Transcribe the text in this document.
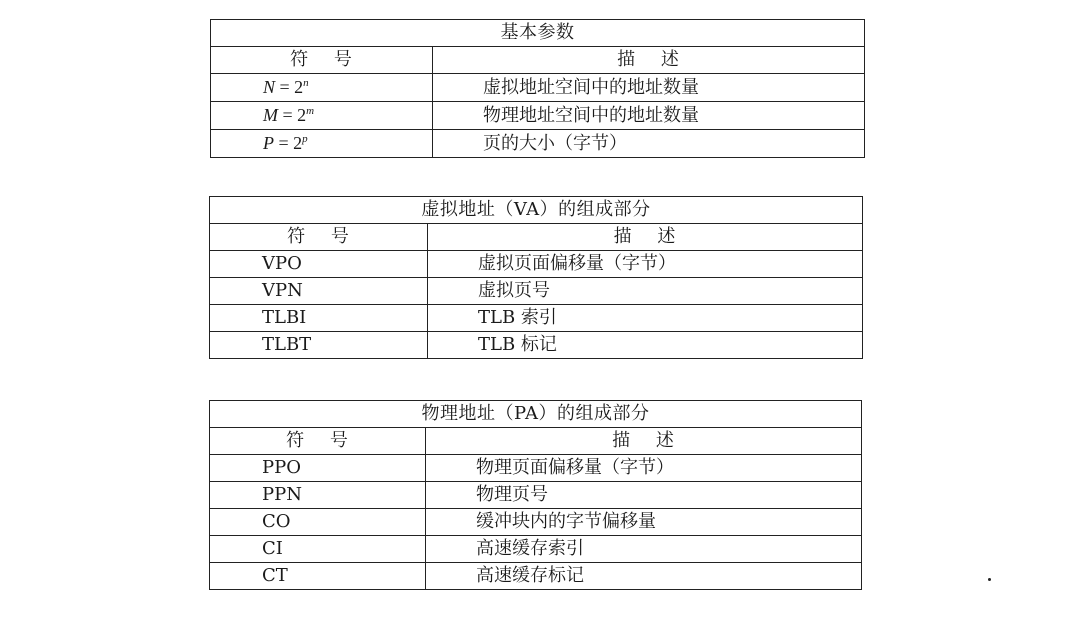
基本参数	
符 号	描 述
$N = 2^n$	虚拟地址空间中的地址数量
$M = 2^m$	物理地址空间中的地址数量
$P = 2^p$	页的大小（字节）
虚拟地址（VA）的组成部分	
符 号	描 述
VPO	虚拟页面偏移量（字节）
VPN	虚拟页号
TLBI	TLB 索引
TLBT	TLB 标记
物理地址（PA）的组成部分	
符 号	描 述
PPO	物理页面偏移量（字节）
PPN	物理页号
CO	缓冲块内的字节偏移量
CI	高速缓存索引
CT	高速缓存标记
